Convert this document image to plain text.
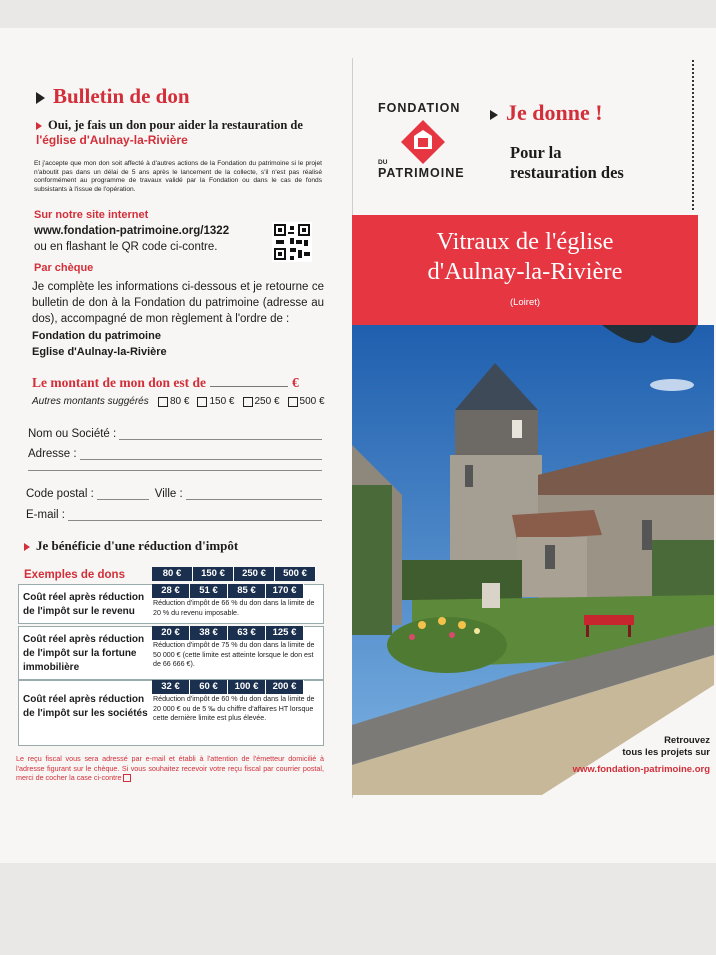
Bulletin de don
Oui, je fais un don pour aider la restauration de
l'église d'Aulnay-la-Rivière
Et j'accepte que mon don soit affecté à d'autres actions de la Fondation du patrimoine si le projet n'aboutit pas dans un délai de 5 ans après le lancement de la collecte, s'il n'est pas réalisé conformément au programme de travaux validé par la Fondation ou dans le cas de fonds subsistants à l'issue de l'opération.
Sur notre site internet
www.fondation-patrimoine.org/1322
ou en flashant le QR code ci-contre.
Par chèque
Je complète les informations ci-dessous et je retourne ce bulletin de don à la Fondation du patrimoine (adresse au dos), accompagné de mon règlement à l'ordre de :
Fondation du patrimoine
Eglise d'Aulnay-la-Rivière
Le montant de mon don est de	€
Autres montants suggérés 80 € 150 € 250 € 500 €
Nom ou Société :
Adresse :
Code postal :	Ville :
E-mail :
Je bénéficie d'une réduction d'impôt
Exemples de dons	80 €	150 €	250 €	500 €
Coût réel après réduction de l'impôt sur le revenu
28 €	51 €	85 €	170 €
Réduction d'impôt de 66 % du don dans la limite de 20 % du revenu imposable.
Coût réel après réduction de l'impôt sur la fortune immobilière
20 €	38 €	63 €	125 €
Réduction d'impôt de 75 % du don dans la limite de 50 000 € (cette limite est atteinte lorsque le don est de 66 666 €).
Coût réel après réduction de l'impôt sur les sociétés
32 €	60 €	100 €	200 €
Réduction d'impôt de 60 % du don dans la limite de 20 000 € ou de 5 ‰ du chiffre d'affaires HT lorsque cette dernière limite est plus élevée.
Le reçu fiscal vous sera adressé par e-mail et établi à l'attention de l'émetteur domicilié à l'adresse figurant sur le chèque. Si vous souhaitez recevoir votre reçu fiscal par courrier postal, merci de cocher la case ci-contre
FONDATION
DU
PATRIMOINE
Je donne !
Pour la
restauration des
Vitraux de l'église
d'Aulnay-la-Rivière
(Loiret)
Retrouvez
tous les projets sur
www.fondation-patrimoine.org
